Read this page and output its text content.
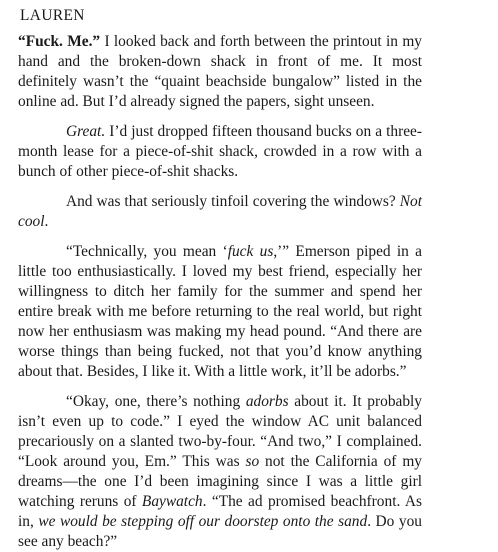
LAUREN

“Fuck. Me.” I looked back and forth between the printout in my hand and the broken-down shack in front of me. It most definitely wasn’t the “quaint beachside bungalow” listed in the online ad. But I’d already signed the papers, sight unseen.

Great. I’d just dropped fifteen thousand bucks on a three-month lease for a piece-of-shit shack, crowded in a row with a bunch of other piece-of-shit shacks.

And was that seriously tinfoil covering the windows? Not cool.

“Technically, you mean ‘fuck us,’” Emerson piped in a little too enthusiastically. I loved my best friend, especially her willingness to ditch her family for the summer and spend her entire break with me before returning to the real world, but right now her enthusiasm was making my head pound. “And there are worse things than being fucked, not that you’d know anything about that. Besides, I like it. With a little work, it’ll be adorbs.”

“Okay, one, there’s nothing adorbs about it. It probably isn’t even up to code.” I eyed the window AC unit balanced precariously on a slanted two-by-four. “And two,” I complained. “Look around you, Em.” This was so not the California of my dreams—the one I’d been imagining since I was a little girl watching reruns of Baywatch. “The ad promised beachfront. As in, we would be stepping off our doorstep onto the sand. Do you see any beach?”
